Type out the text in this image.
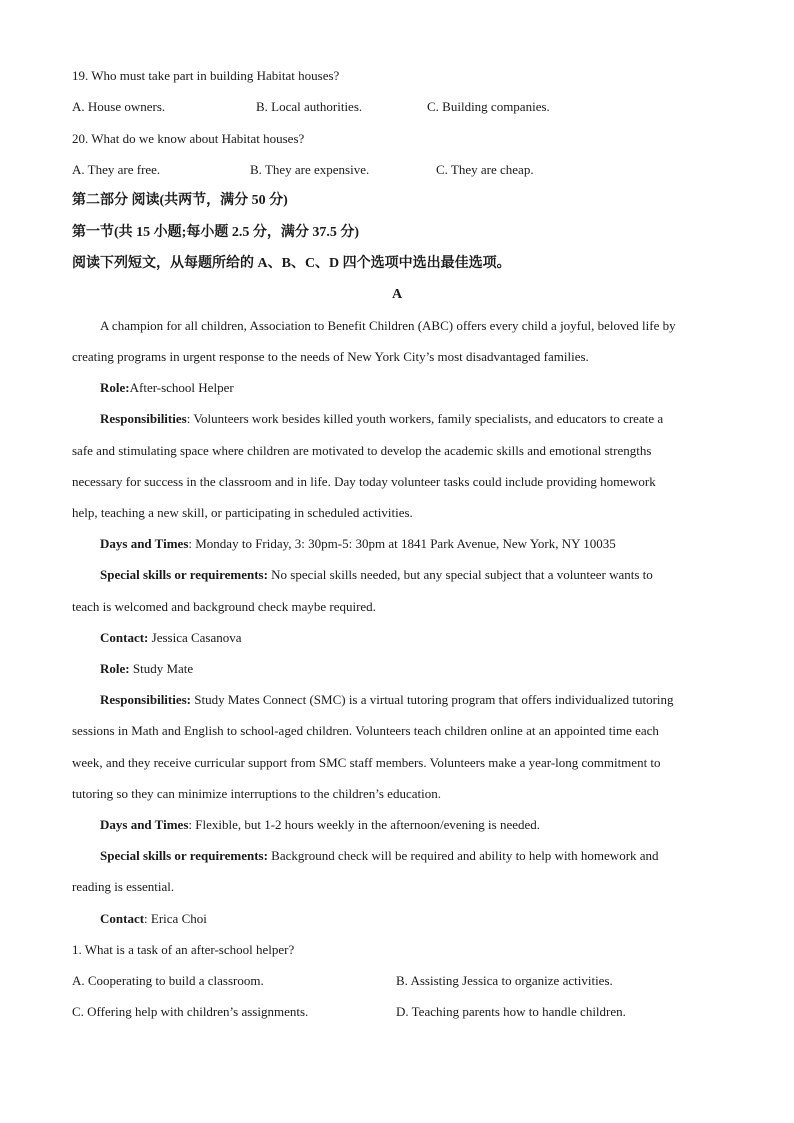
19. Who must take part in building Habitat houses?
A. House owners.	B. Local authorities.	C. Building companies.
20. What do we know about Habitat houses?
A. They are free.	B. They are expensive.	C. They are cheap.
第二部分 阅读(共两节，满分 50 分)
第一节(共 15 小题;每小题 2.5 分，满分 37.5 分)
阅读下列短文，从每题所给的 A、B、C、D 四个选项中选出最佳选项。
A
A champion for all children, Association to Benefit Children (ABC) offers every child a joyful, beloved life by
creating programs in urgent response to the needs of New York City’s most disadvantaged families.
Role:After-school Helper
Responsibilities: Volunteers work besides killed youth workers, family specialists, and educators to create a
safe and stimulating space where children are motivated to develop the academic skills and emotional strengths
necessary for success in the classroom and in life. Day today volunteer tasks could include providing homework
help, teaching a new skill, or participating in scheduled activities.
Days and Times: Monday to Friday, 3: 30pm-5: 30pm at 1841 Park Avenue, New York, NY 10035
Special skills or requirements: No special skills needed, but any special subject that a volunteer wants to
teach is welcomed and background check maybe required.
Contact: Jessica Casanova
Role: Study Mate
Responsibilities: Study Mates Connect (SMC) is a virtual tutoring program that offers individualized tutoring
sessions in Math and English to school-aged children. Volunteers teach children online at an appointed time each
week, and they receive curricular support from SMC staff members. Volunteers make a year-long commitment to
tutoring so they can minimize interruptions to the children’s education.
Days and Times: Flexible, but 1-2 hours weekly in the afternoon/evening is needed.
Special skills or requirements: Background check will be required and ability to help with homework and
reading is essential.
Contact: Erica Choi
1. What is a task of an after-school helper?
A. Cooperating to build a classroom.	B. Assisting Jessica to organize activities.
C. Offering help with children’s assignments.	D. Teaching parents how to handle children.
